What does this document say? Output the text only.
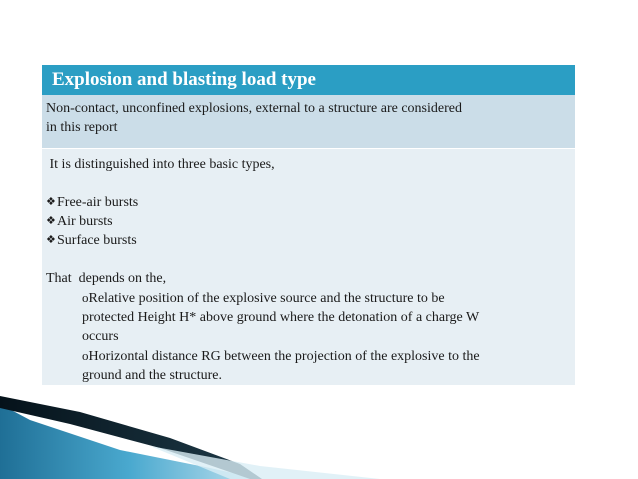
Explosion and blasting load type
Non-contact, unconfined explosions, external to a structure are considered
in this report
It is distinguished into three basic types,
❖ Free-air bursts
❖ Air bursts
❖ Surface bursts
That  depends on the,
oRelative position of the explosive source and the structure to be
protected Height H* above ground where the detonation of a charge W
occurs
oHorizontal distance RG between the projection of the explosive to the
ground and the structure.
